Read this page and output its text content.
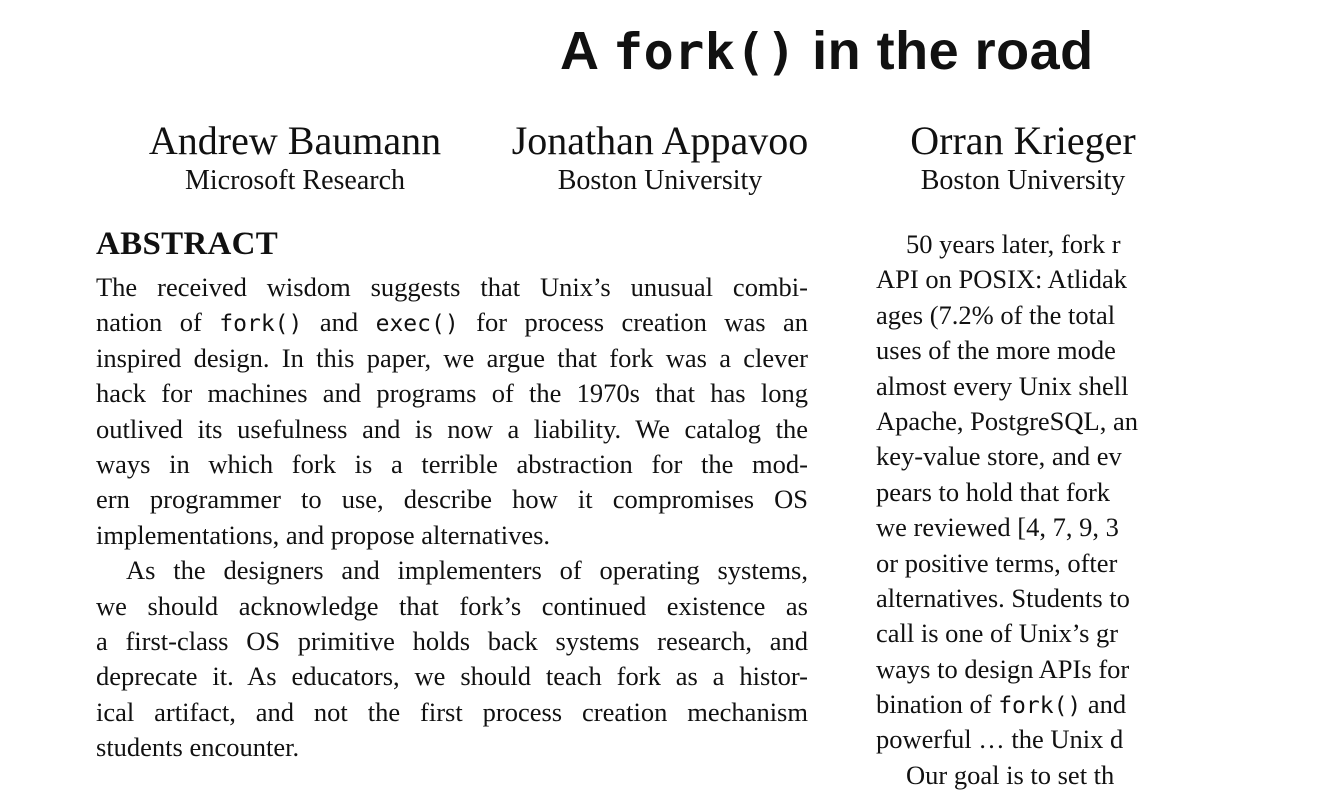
A fork() in the road
Andrew Baumann
Microsoft Research
Jonathan Appavoo
Boston University
Orran Krieger
Boston University
ABSTRACT
The received wisdom suggests that Unix’s unusual combi-
nation of fork() and exec() for process creation was an
inspired design. In this paper, we argue that fork was a clever
hack for machines and programs of the 1970s that has long
outlived its usefulness and is now a liability. We catalog the
ways in which fork is a terrible abstraction for the mod-
ern programmer to use, describe how it compromises OS
implementations, and propose alternatives.
As the designers and implementers of operating systems,
we should acknowledge that fork’s continued existence as
a first-class OS primitive holds back systems research, and
deprecate it. As educators, we should teach fork as a histor-
ical artifact, and not the first process creation mechanism
students encounter.
50 years later, fork r
API on POSIX: Atlidak
ages (7.2% of the total
uses of the more mode
almost every Unix shell
Apache, PostgreSQL, an
key-value store, and ev
pears to hold that fork
we reviewed [4, 7, 9, 3
or positive terms, ofter
alternatives. Students to
call is one of Unix’s gr
ways to design APIs for
bination of fork() and
powerful … the Unix d
Our goal is to set th
